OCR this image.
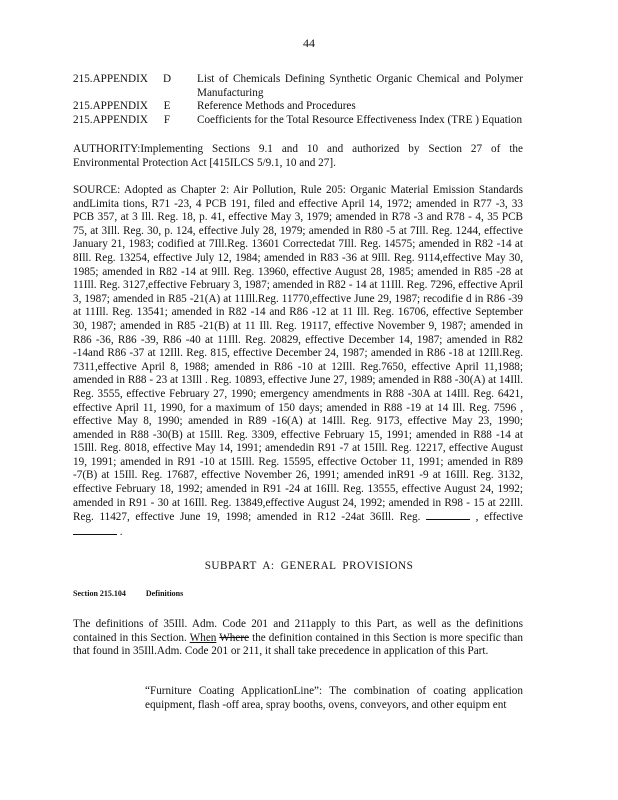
44
215.APPENDIX	D	List of Chemicals Defining Synthetic Organic Chemical and Polymer Manufacturing
215.APPENDIX	E	Reference Methods and Procedures
215.APPENDIX	F	Coefficients for the Total Resource Effectiveness Index (TRE ) Equation
AUTHORITY:Implementing Sections 9.1 and 10 and authorized by Section 27 of the Environmental Protection Act [415ILCS 5/9.1, 10 and 27].
SOURCE: Adopted as Chapter 2: Air Pollution, Rule 205: Organic Material Emission Standards andLimita tions, R71 -23, 4 PCB 191, filed and effective April 14, 1972; amended in R77 -3, 33 PCB 357, at 3 Ill. Reg. 18, p. 41, effective May 3, 1979; amended in R78 -3 and R78 - 4, 35 PCB 75, at 3Ill. Reg. 30, p. 124, effective July 28, 1979; amended in R80 -5 at 7Ill. Reg. 1244, effective January 21, 1983; codified at 7Ill.Reg. 13601 Correctedat 7Ill. Reg. 14575; amended in R82 -14 at 8Ill. Reg. 13254, effective July 12, 1984; amended in R83 -36 at 9Ill. Reg. 9114,effective May 30, 1985; amended in R82 -14 at 9Ill. Reg. 13960, effective August 28, 1985; amended in R85 -28 at 11Ill. Reg. 3127,effective February 3, 1987; amended in R82 - 14 at 11Ill. Reg. 7296, effective April 3, 1987; amended in R85 -21(A) at 11Ill.Reg. 11770,effective June 29, 1987; recodifie d in R86 -39 at 11Ill. Reg. 13541; amended in R82 -14 and R86 -12 at 11 Ill. Reg. 16706, effective September 30, 1987; amended in R85 -21(B) at 11 Ill. Reg. 19117, effective November 9, 1987; amended in R86 -36, R86 -39, R86 -40 at 11Ill. Reg. 20829, effective December 14, 1987; amended in R82 -14and R86 -37 at 12Ill. Reg. 815, effective December 24, 1987; amended in R86 -18 at 12Ill.Reg. 7311,effective April 8, 1988; amended in R86 -10 at 12Ill. Reg.7650, effective April 11,1988; amended in R88 - 23 at 13Ill . Reg. 10893, effective June 27, 1989; amended in R88 -30(A) at 14Ill. Reg. 3555, effective February 27, 1990; emergency amendments in R88 -30A at 14Ill. Reg. 6421, effective April 11, 1990, for a maximum of 150 days; amended in R88 -19 at 14 Ill. Reg. 7596 , effective May 8, 1990; amended in R89 -16(A) at 14Ill. Reg. 9173, effective May 23, 1990; amended in R88 -30(B) at 15Ill. Reg. 3309, effective February 15, 1991; amended in R88 -14 at 15Ill. Reg. 8018, effective May 14, 1991; amendedin R91 -7 at 15Ill. Reg. 12217, effective August 19, 1991; amended in R91 -10 at 15Ill. Reg. 15595, effective October 11, 1991; amended in R89 -7(B) at 15Ill. Reg. 17687, effective November 26, 1991; amended inR91 -9 at 16Ill. Reg. 3132, effective February 18, 1992; amended in R91 -24 at 16Ill. Reg. 13555, effective August 24, 1992; amended in R91 - 30 at 16Ill. Reg. 13849,effective August 24, 1992; amended in R98 - 15 at 22Ill. Reg. 11427, effective June 19, 1998; amended in R12 -24at 36Ill. Reg.	, effective  .
SUBPART A: GENERAL PROVISIONS
Section 215.104	Definitions
The definitions of 35Ill. Adm. Code 201 and 211apply to this Part, as well as the definitions contained in this Section. When Where the definition contained in this Section is more specific than that found in 35Ill.Adm. Code 201 or 211, it shall take precedence in application of this Part.
“Furniture Coating ApplicationLine”: The combination of coating application equipment, flash -off area, spray booths, ovens, conveyors, and other equipm ent
